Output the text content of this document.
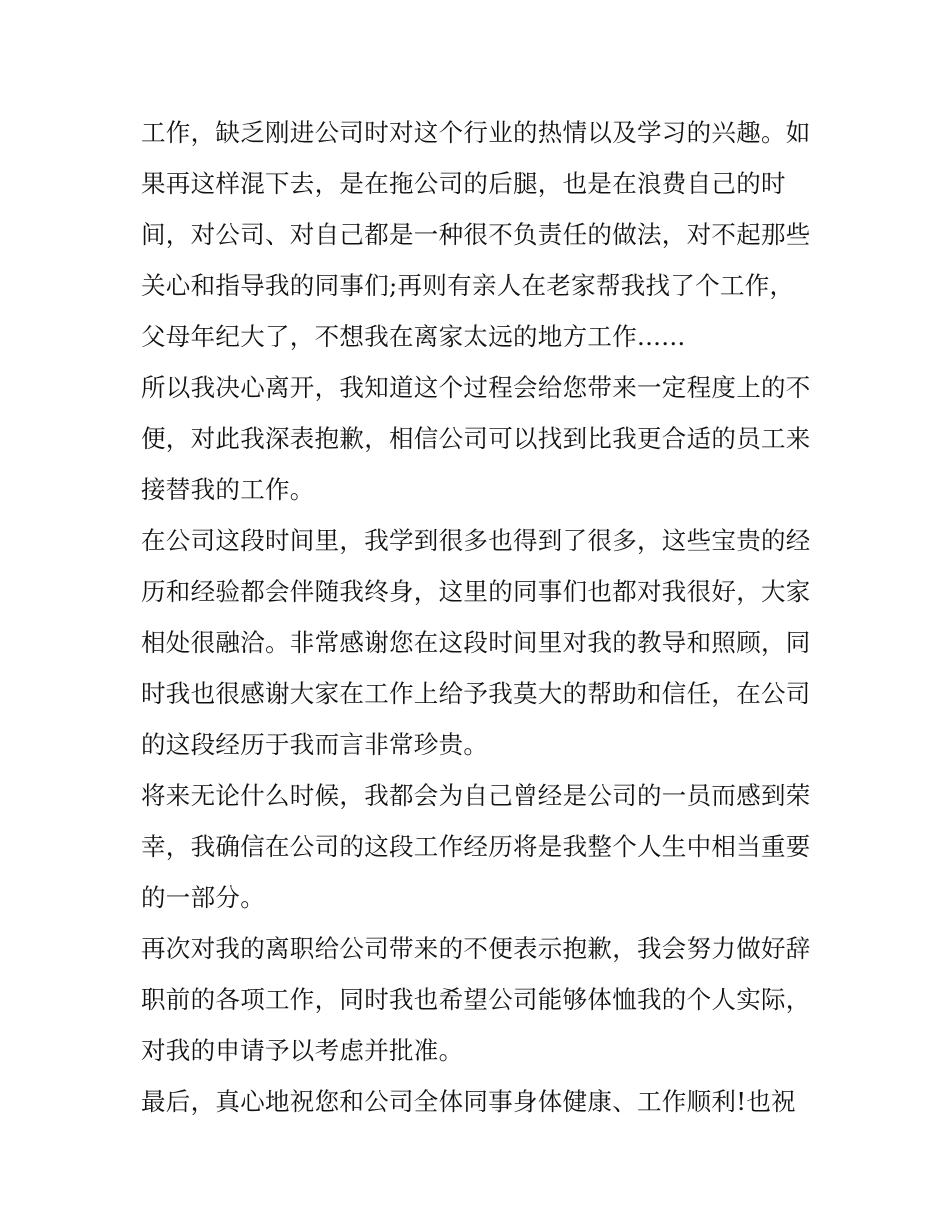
工作，缺乏刚进公司时对这个行业的热情以及学习的兴趣。如
果再这样混下去，是在拖公司的后腿，也是在浪费自己的时
间，对公司、对自己都是一种很不负责任的做法，对不起那些
关心和指导我的同事们;再则有亲人在老家帮我找了个工作，
父母年纪大了，不想我在离家太远的地方工作......
所以我决心离开，我知道这个过程会给您带来一定程度上的不
便，对此我深表抱歉，相信公司可以找到比我更合适的员工来
接替我的工作。
在公司这段时间里，我学到很多也得到了很多，这些宝贵的经
历和经验都会伴随我终身，这里的同事们也都对我很好，大家
相处很融洽。非常感谢您在这段时间里对我的教导和照顾，同
时我也很感谢大家在工作上给予我莫大的帮助和信任，在公司
的这段经历于我而言非常珍贵。
将来无论什么时候，我都会为自己曾经是公司的一员而感到荣
幸，我确信在公司的这段工作经历将是我整个人生中相当重要
的一部分。
再次对我的离职给公司带来的不便表示抱歉，我会努力做好辞
职前的各项工作，同时我也希望公司能够体恤我的个人实际，
对我的申请予以考虑并批准。
最后，真心地祝您和公司全体同事身体健康、工作顺利!也祝
